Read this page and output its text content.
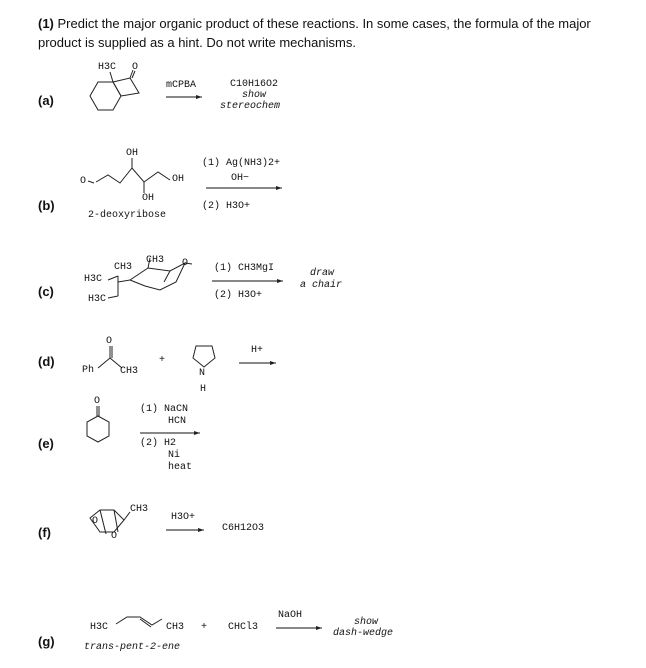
(1) Predict the major organic product of these reactions. In some cases, the formula of the major product is supplied as a hint. Do not write mechanisms.
(a)
(b)
(c)
(d)
(e)
(f)
(g)
H3C O
mCPBA	C10H16O2
show
stereochem
OH
O	OH
OH
2-deoxyribose
(1) Ag(NH3)2+
OH−
(2) H3O+
CH3
CH3 O
H3C
H3C
(1) CH3MgI
(2) H3O+
draw
a chair
O
Ph	CH3
+
N
H
H+
O
(1) NaCN
HCN
(2) H2
Ni
heat
CH3
O
O
H3O+
C6H12O3
H3C	CH3 + CHCl3
NaOH
show
dash-wedge
trans-pent-2-ene
